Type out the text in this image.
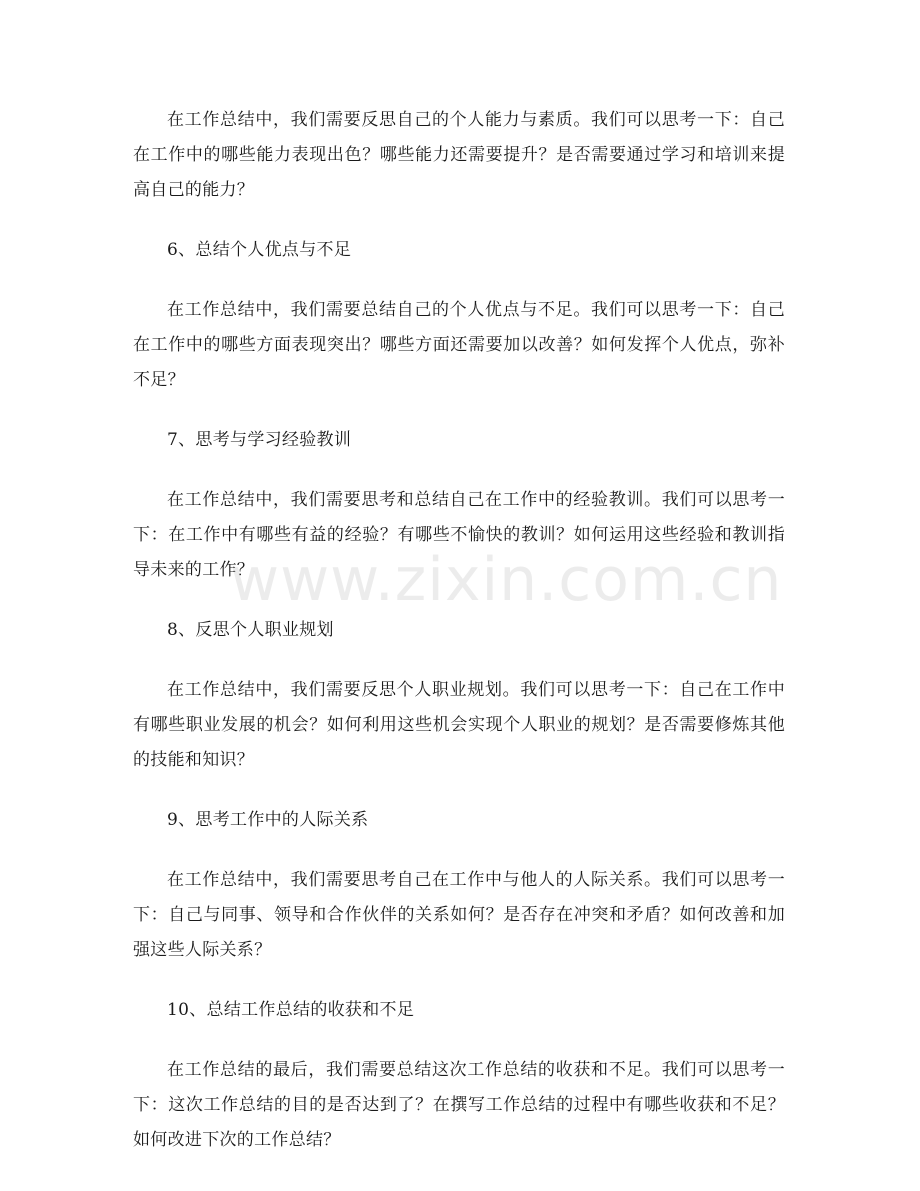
在工作总结中，我们需要反思自己的个人能力与素质。我们可以思考一下：自己在工作中的哪些能力表现出色？哪些能力还需要提升？是否需要通过学习和培训来提高自己的能力？

6、总结个人优点与不足

在工作总结中，我们需要总结自己的个人优点与不足。我们可以思考一下：自己在工作中的哪些方面表现突出？哪些方面还需要加以改善？如何发挥个人优点，弥补不足？

7、思考与学习经验教训

在工作总结中，我们需要思考和总结自己在工作中的经验教训。我们可以思考一下：在工作中有哪些有益的经验？有哪些不愉快的教训？如何运用这些经验和教训指导未来的工作？

8、反思个人职业规划

在工作总结中，我们需要反思个人职业规划。我们可以思考一下：自己在工作中有哪些职业发展的机会？如何利用这些机会实现个人职业的规划？是否需要修炼其他的技能和知识？

9、思考工作中的人际关系

在工作总结中，我们需要思考自己在工作中与他人的人际关系。我们可以思考一下：自己与同事、领导和合作伙伴的关系如何？是否存在冲突和矛盾？如何改善和加强这些人际关系？

10、总结工作总结的收获和不足

在工作总结的最后，我们需要总结这次工作总结的收获和不足。我们可以思考一下：这次工作总结的目的是否达到了？在撰写工作总结的过程中有哪些收获和不足？如何改进下次的工作总结？

www.zixin.com.cn
